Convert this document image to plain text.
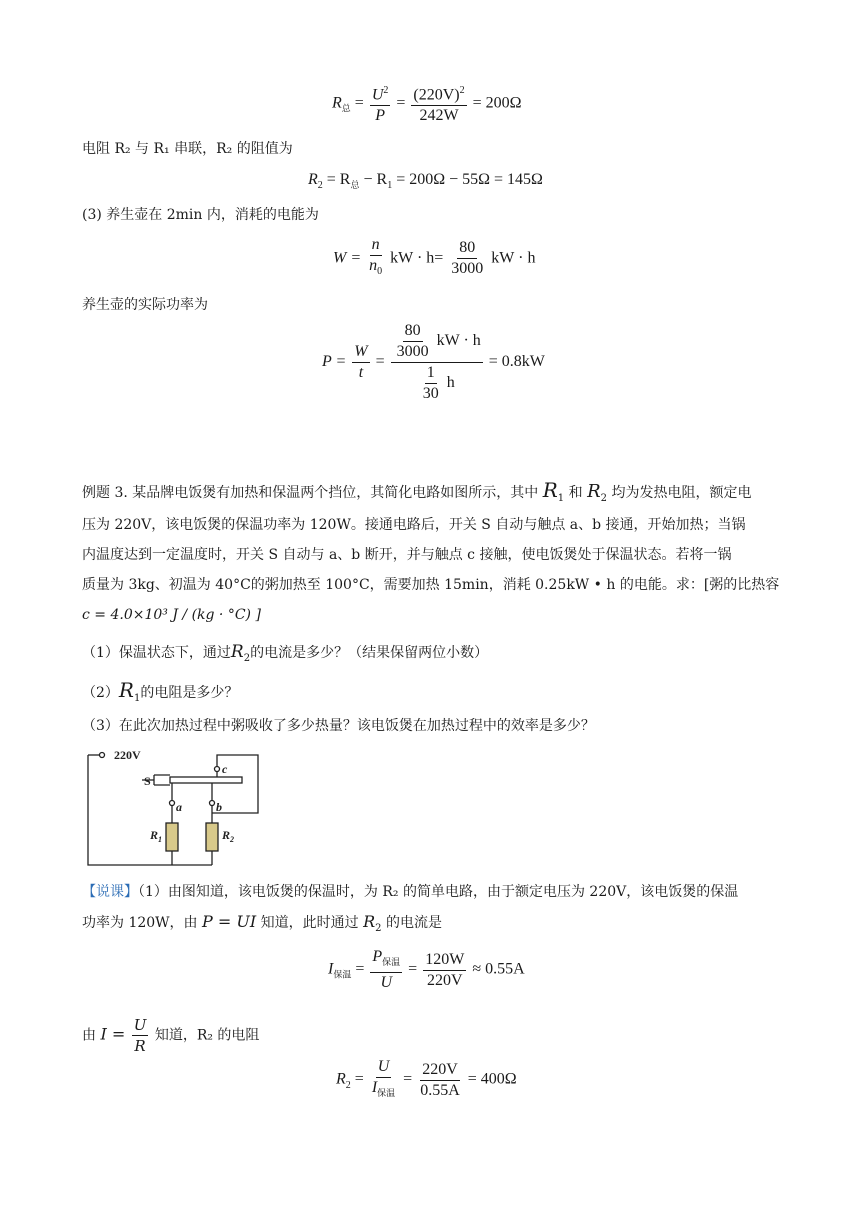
$R_总 = \frac{U^2}{P} = \frac{(220V)^2}{242W} = 200\Omega$
电阻 R₂ 与 R₁ 串联，R₂ 的阻值为
$R_2 = R_总 - R_1 = 200\Omega - 55\Omega = 145\Omega$
(3) 养生壶在 2min 内，消耗的电能为
$W = \frac{n}{n_0}$ kW · $h= \frac{80}{3000}$ kW · h
养生壶的实际功率为
$P = \frac{W}{t} = \frac{\frac{80}{3000} kW \cdot h}{\frac{1}{30} h} = 0.8kW$
例题 3. 某品牌电饭煲有加热和保温两个挡位，其简化电路如图所示，其中 $R_1$ 和 $R_2$ 均为发热电阻，额定电
压为 220V，该电饭煲的保温功率为 120W。接通电路后，开关 S 自动与触点 a、b 接通，开始加热；当锅
内温度达到一定温度时，开关 S 自动与 a、b 断开，并与触点 c 接触，使电饭煲处于保温状态。若将一锅
质量为 3kg、初温为 40°C的粥加热至 100°C，需要加热 15min，消耗 0.25kW • h 的电能。求：[粥的比热容
c = 4.0×10³ J / (kg · °C) ]
（1）保温状态下，通过$R_2$的电流是多少？（结果保留两位小数）
$(2)R_1$的电阻是多少？
（3）在此次加热过程中粥吸收了多少热量？该电饭煲在加热过程中的效率是多少？
220V
S
c
a	b
$R_1$	$R_2$
【说课】（1）由图知道，该电饭煲的保温时，为 R₂ 的简单电路，由于额定电压为 220V，该电饭煲的保温
功率为 120W，由 P = UI 知道，此时通过 $R_2$ 的电流是
$I_{保温} = \frac{P_{保温}}{U} = \frac{120W}{220V} \approx 0.55A$
由 $I = \frac{U}{R}$ 知道，R₂ 的电阻
$R_2 = \frac{U}{I_{保温}} = \frac{220V}{0.55A} = 400\Omega$
